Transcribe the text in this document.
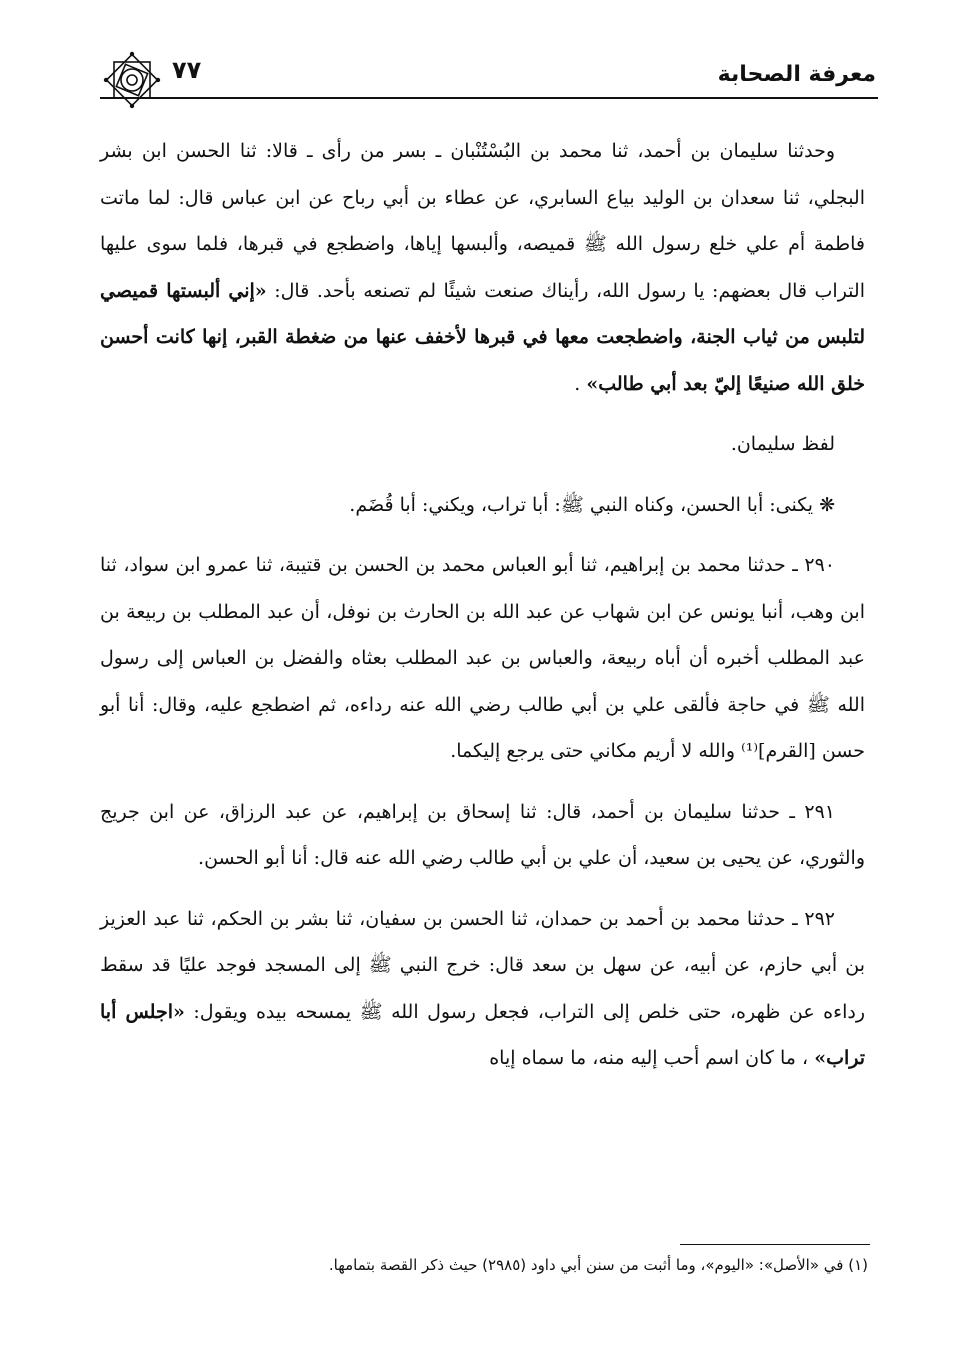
٧٧	معرفة الصحابة

وحدثنا سليمان بن أحمد، ثنا محمد بن البُسْتُنْبان ـ بسر من رأى ـ قالا: ثنا الحسن ابن بشر البجلي، ثنا سعدان بن الوليد بياع السابري، عن عطاء بن أبي رباح عن ابن عباس قال: لما ماتت فاطمة أم علي خلع رسول الله ﷺ قميصه، وألبسها إياها، واضطجع في قبرها، فلما سوى عليها التراب قال بعضهم: يا رسول الله، رأيناك صنعت شيئًا لم تصنعه بأحد. قال: «إني ألبستها قميصي لتلبس من ثياب الجنة، واضطجعت معها في قبرها لأخفف عنها من ضغطة القبر، إنها كانت أحسن خلق الله صنيعًا إليّ بعد أبي طالب» .

لفظ سليمان.

❋ يكنى: أبا الحسن، وكناه النبي ﷺ: أبا تراب، ويكني: أبا قُضَم.

٢٩٠ ـ حدثنا محمد بن إبراهيم، ثنا أبو العباس محمد بن الحسن بن قتيبة، ثنا عمرو ابن سواد، ثنا ابن وهب، أنبا يونس عن ابن شهاب عن عبد الله بن الحارث بن نوفل، أن عبد المطلب بن ربيعة بن عبد المطلب أخبره أن أباه ربيعة، والعباس بن عبد المطلب بعثاه والفضل بن العباس إلى رسول الله ﷺ في حاجة فألقى علي بن أبي طالب رضي الله عنه رداءه، ثم اضطجع عليه، وقال: أنا أبو حسن [القرم]⁽¹⁾ والله لا أريم مكاني حتى يرجع إليكما.

٢٩١ ـ حدثنا سليمان بن أحمد، قال: ثنا إسحاق بن إبراهيم، عن عبد الرزاق، عن ابن جريج والثوري، عن يحيى بن سعيد، أن علي بن أبي طالب رضي الله عنه قال: أنا أبو الحسن.

٢٩٢ ـ حدثنا محمد بن أحمد بن حمدان، ثنا الحسن بن سفيان، ثنا بشر بن الحكم، ثنا عبد العزيز بن أبي حازم، عن أبيه، عن سهل بن سعد قال: خرج النبي ﷺ إلى المسجد فوجد عليًا قد سقط رداءه عن ظهره، حتى خلص إلى التراب، فجعل رسول الله ﷺ يمسحه بيده ويقول: «اجلس أبا تراب» ، ما كان اسم أحب إليه منه، ما سماه إياه

(١) في «الأصل»: «اليوم»، وما أثبت من سنن أبي داود (٢٩٨٥) حيث ذكر القصة بتمامها.
